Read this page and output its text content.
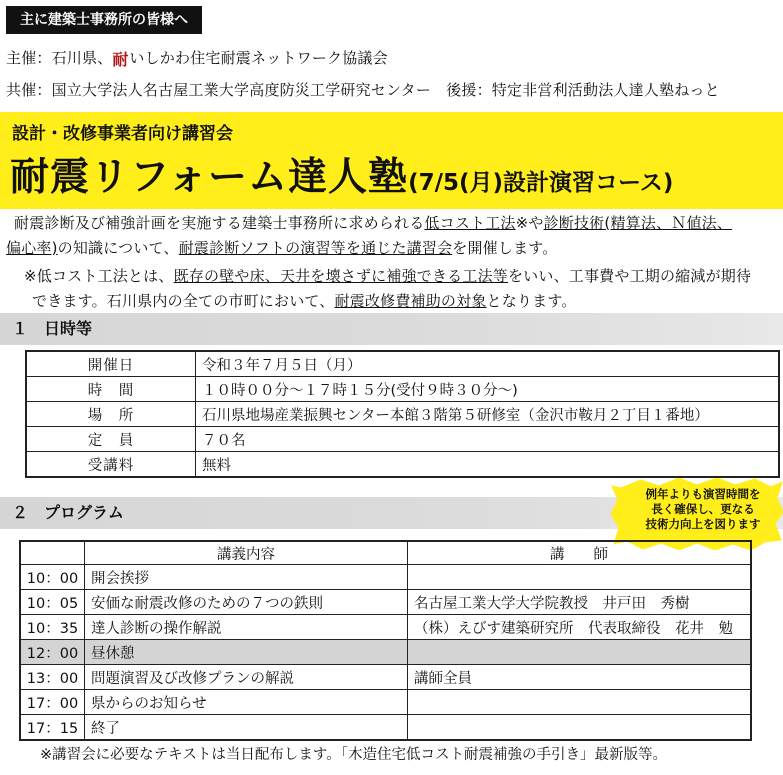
主に建築士事務所の皆様へ
主催：石川県、耐いしかわ住宅耐震ネットワーク協議会
共催：国立大学法人名古屋工業大学高度防災工学研究センター　後援：特定非営利活動法人達人塾ねっと
設計・改修事業者向け講習会
耐震リフォーム達人塾(7/5(月)設計演習コース)
耐震診断及び補強計画を実施する建築士事務所に求められる低コスト工法※や診断技術(精算法、Ｎ値法、
偏心率)の知識について、耐震診断ソフトの演習等を通じた講習会を開催します。
※低コスト工法とは、既存の壁や床、天井を壊さずに補強できる工法等をいい、工事費や工期の縮減が期待
できます。石川県内の全ての市町において、耐震改修費補助の対象となります。
１　日時等
開催日	令和３年７月５日（月）
時　間	１０時００分～１７時１５分(受付９時３０分～)
場　所	石川県地場産業振興センター本館３階第５研修室（金沢市鞍月２丁目１番地）
定　員	７０名
受講料	無料
２　プログラム
例年よりも演習時間を
長く確保し、更なる
技術力向上を図ります
	講義内容	講　　師
10：00	開会挨拶	
10：05	安価な耐震改修のための７つの鉄則	名古屋工業大学大学院教授　井戸田　秀樹
10：35	達人診断の操作解説	（株）えびす建築研究所　代表取締役　花井　勉
12：00	昼休憩	
13：00	問題演習及び改修プランの解説	講師全員
17：00	県からのお知らせ	
17：15	終了	
※講習会に必要なテキストは当日配布します。「木造住宅低コスト耐震補強の手引き」最新版等。
